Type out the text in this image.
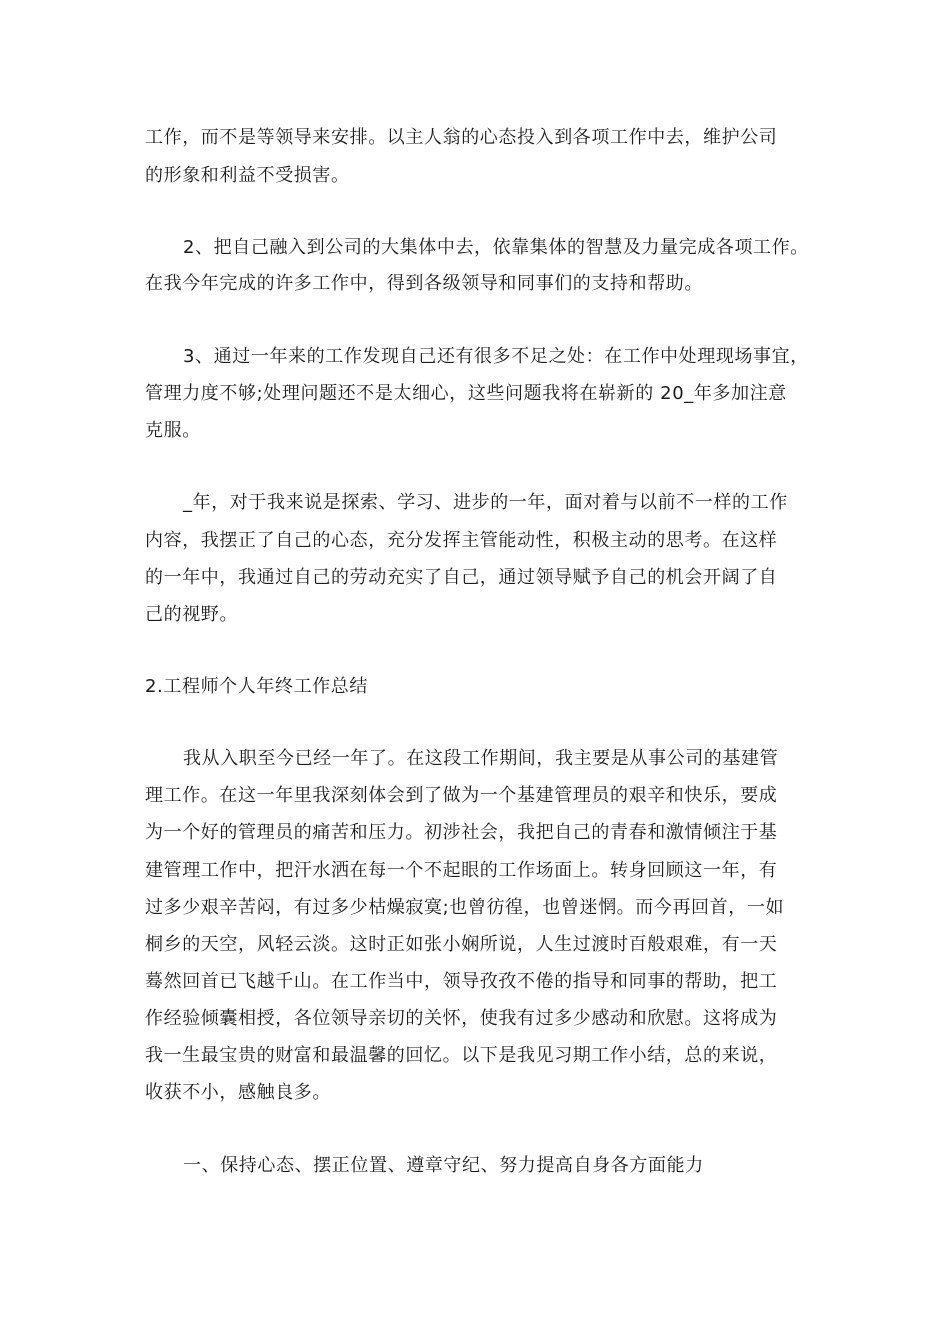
工作，而不是等领导来安排。以主人翁的心态投入到各项工作中去，维护公司
的形象和利益不受损害。
2、把自己融入到公司的大集体中去，依靠集体的智慧及力量完成各项工作。
在我今年完成的许多工作中，得到各级领导和同事们的支持和帮助。
3、通过一年来的工作发现自己还有很多不足之处：在工作中处理现场事宜，
管理力度不够;处理问题还不是太细心，这些问题我将在崭新的 20_年多加注意
克服。
_年，对于我来说是探索、学习、进步的一年，面对着与以前不一样的工作
内容，我摆正了自己的心态，充分发挥主管能动性，积极主动的思考。在这样
的一年中，我通过自己的劳动充实了自己，通过领导赋予自己的机会开阔了自
己的视野。
2.工程师个人年终工作总结
我从入职至今已经一年了。在这段工作期间，我主要是从事公司的基建管
理工作。在这一年里我深刻体会到了做为一个基建管理员的艰辛和快乐，要成
为一个好的管理员的痛苦和压力。初涉社会，我把自己的青春和激情倾注于基
建管理工作中，把汗水洒在每一个不起眼的工作场面上。转身回顾这一年，有
过多少艰辛苦闷，有过多少枯燥寂寞;也曾彷徨，也曾迷惘。而今再回首，一如
桐乡的天空，风轻云淡。这时正如张小娴所说，人生过渡时百般艰难，有一天
蓦然回首已飞越千山。在工作当中，领导孜孜不倦的指导和同事的帮助，把工
作经验倾囊相授，各位领导亲切的关怀，使我有过多少感动和欣慰。这将成为
我一生最宝贵的财富和最温馨的回忆。以下是我见习期工作小结，总的来说，
收获不小，感触良多。
一、保持心态、摆正位置、遵章守纪、努力提高自身各方面能力
